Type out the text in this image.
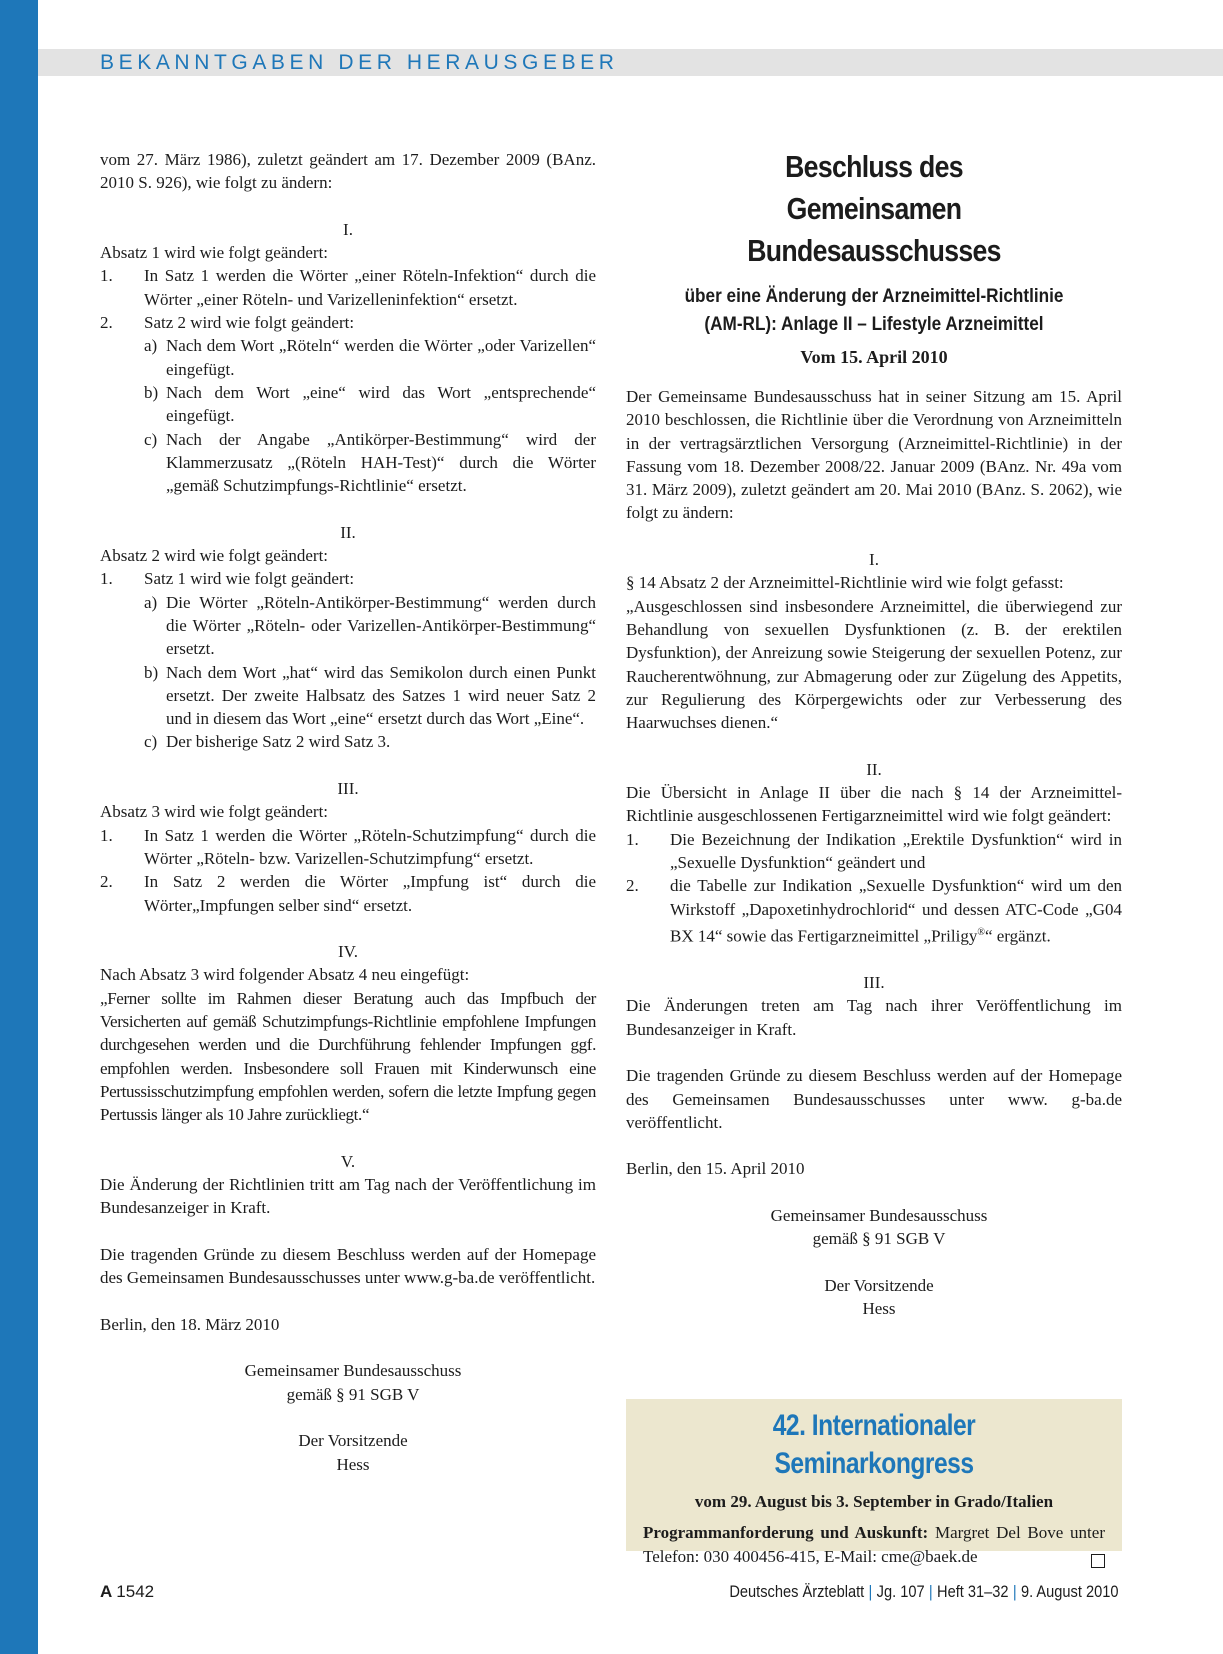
BEKANNTGABEN DER HERAUSGEBER

vom 27. März 1986), zuletzt geändert am 17. Dezember 2009 (BAnz. 2010 S. 926), wie folgt zu ändern:

I.

Absatz 1 wird wie folgt geändert:

1.	In Satz 1 werden die Wörter „einer Röteln-Infektion“ durch die Wörter „einer Röteln- und Varizelleninfektion“ ersetzt.
2.	Satz 2 wird wie folgt geändert:
a) Nach dem Wort „Röteln“ werden die Wörter „oder Varizellen“ eingefügt.
b) Nach dem Wort „eine“ wird das Wort „entsprechende“ eingefügt.
c) Nach der Angabe „Antikörper-Bestimmung“ wird der Klammerzusatz „(Röteln HAH-Test)“ durch die Wörter „gemäß Schutzimpfungs-Richtlinie“ ersetzt.

II.

Absatz 2 wird wie folgt geändert:

1.	Satz 1 wird wie folgt geändert:
a) Die Wörter „Röteln-Antikörper-Bestimmung“ werden durch die Wörter „Röteln- oder Varizellen-Antikörper-Bestimmung“ ersetzt.
b) Nach dem Wort „hat“ wird das Semikolon durch einen Punkt ersetzt. Der zweite Halbsatz des Satzes 1 wird neuer Satz 2 und in diesem das Wort „eine“ ersetzt durch das Wort „Eine“.
c) Der bisherige Satz 2 wird Satz 3.

III.

Absatz 3 wird wie folgt geändert:

1.	In Satz 1 werden die Wörter „Röteln-Schutzimpfung“ durch die Wörter „Röteln- bzw. Varizellen-Schutzimpfung“ ersetzt.
2.	In Satz 2 werden die Wörter „Impfung ist“ durch die Wörter„Impfungen selber sind“ ersetzt.

IV.

Nach Absatz 3 wird folgender Absatz 4 neu eingefügt:

„Ferner sollte im Rahmen dieser Beratung auch das Impfbuch der Versicherten auf gemäß Schutzimpfungs-Richtlinie empfohlene Impfungen durchgesehen werden und die Durchführung fehlender Impfungen ggf. empfohlen werden. Insbesondere soll Frauen mit Kinderwunsch eine Pertussisschutzimpfung empfohlen werden, sofern die letzte Impfung gegen Pertussis länger als 10 Jahre zurückliegt.“

V.

Die Änderung der Richtlinien tritt am Tag nach der Veröffentlichung im Bundesanzeiger in Kraft.

Die tragenden Gründe zu diesem Beschluss werden auf der Homepage des Gemeinsamen Bundesausschusses unter www.g-ba.de veröffentlicht.

Berlin, den 18. März 2010

Gemeinsamer Bundesausschuss

gemäß § 91 SGB V

Der Vorsitzende

Hess

Beschluss des
Gemeinsamen Bundesausschusses
über eine Änderung der Arzneimittel-Richtlinie
(AM-RL): Anlage II – Lifestyle Arzneimittel

Vom 15. April 2010

Der Gemeinsame Bundesausschuss hat in seiner Sitzung am 15. April 2010 beschlossen, die Richtlinie über die Verordnung von Arzneimitteln in der vertragsärztlichen Versorgung (Arzneimittel-Richtlinie) in der Fassung vom 18. Dezember 2008/22. Januar 2009 (BAnz. Nr. 49a vom 31. März 2009), zuletzt geändert am 20. Mai 2010 (BAnz. S. 2062), wie folgt zu ändern:

I.

§ 14 Absatz 2 der Arzneimittel-Richtlinie wird wie folgt gefasst:

„Ausgeschlossen sind insbesondere Arzneimittel, die überwiegend zur Behandlung von sexuellen Dysfunktionen (z. B. der erektilen Dysfunktion), der Anreizung sowie Steigerung der sexuellen Potenz, zur Raucherentwöhnung, zur Abmagerung oder zur Zügelung des Appetits, zur Regulierung des Körpergewichts oder zur Verbesserung des Haarwuchses dienen.“

II.

Die Übersicht in Anlage II über die nach § 14 der Arzneimittel-Richtlinie ausgeschlossenen Fertigarzneimittel wird wie folgt geändert:

1.	Die Bezeichnung der Indikation „Erektile Dysfunktion“ wird in „Sexuelle Dysfunktion“ geändert und
2.	die Tabelle zur Indikation „Sexuelle Dysfunktion“ wird um den Wirkstoff „Dapoxetinhydrochlorid“ und dessen ATC-Code „G04 BX 14“ sowie das Fertigarzneimittel „Priligy®“ ergänzt.

III.

Die Änderungen treten am Tag nach ihrer Veröffentlichung im Bundesanzeiger in Kraft.

Die tragenden Gründe zu diesem Beschluss werden auf der Homepage des Gemeinsamen Bundesausschusses unter www. g-ba.de veröffentlicht.

Berlin, den 15. April 2010

Gemeinsamer Bundesausschuss

gemäß § 91 SGB V

Der Vorsitzende

Hess

42. Internationaler Seminarkongress
vom 29. August bis 3. September in Grado/Italien
Programmanforderung und Auskunft: Margret Del Bove unter Telefon: 030 400456-415, E-Mail: cme@baek.de
A 1542	Deutsches Ärzteblatt | Jg. 107 | Heft 31–32 | 9. August 2010
